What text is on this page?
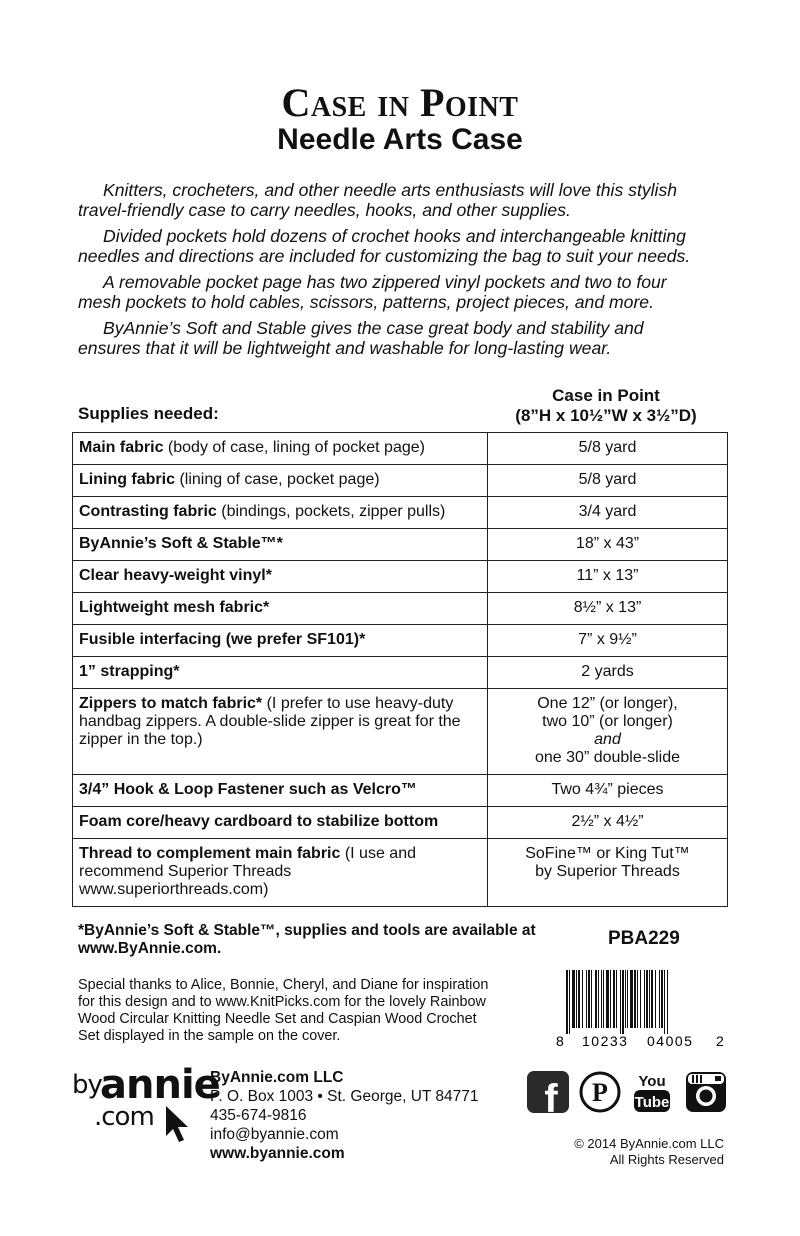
Case in Point
Needle Arts Case

Knitters, crocheters, and other needle arts enthusiasts will love this stylish
travel-friendly case to carry needles, hooks, and other supplies.

Divided pockets hold dozens of crochet hooks and interchangeable knitting
needles and directions are included for customizing the bag to suit your needs.

A removable pocket page has two zippered vinyl pockets and two to four
mesh pockets to hold cables, scissors, patterns, project pieces, and more.

ByAnnie’s Soft and Stable gives the case great body and stability and
ensures that it will be lightweight and washable for long-lasting wear.

Supplies needed:
Case in Point
(8”H x 10½”W x 3½”D)
Main fabric (body of case, lining of pocket page)	5/8 yard

Lining fabric (lining of case, pocket page)	5/8 yard

Contrasting fabric (bindings, pockets, zipper pulls)	3/4 yard

ByAnnie’s Soft & Stable™*	18” x 43”

Clear heavy-weight vinyl*	11” x 13”

Lightweight mesh fabric*	8½” x 13”

Fusible interfacing (we prefer SF101)*	7” x 9½”

1” strapping*	2 yards

Zippers to match fabric* (I prefer to use heavy-duty handbag zippers. A double-slide zipper is great for the zipper in the top.)	One 12” (or longer),
two 10” (or longer)
and
one 30” double-slide

3/4” Hook & Loop Fastener such as Velcro™	Two 4¾” pieces

Foam core/heavy cardboard to stabilize bottom	2½” x 4½”

Thread to complement main fabric (I use and recommend Superior Threads www.superiorthreads.com)	SoFine™ or King Tut™
by Superior Threads
*ByAnnie’s Soft & Stable™, supplies and tools are available at
www.ByAnnie.com.	PBA229
Special thanks to Alice, Bonnie, Cheryl, and Diane for inspiration
for this design and to www.KnitPicks.com for the lovely Rainbow
Wood Circular Knitting Needle Set and Caspian Wood Crochet
Set displayed in the sample on the cover.	8 10233 04005 2
by
annie
.com
ByAnnie.com LLC
P. O. Box 1003 • St. George, UT 84771
435-674-9816
info@byannie.com
www.byannie.com
f P You
Tube
© 2014 ByAnnie.com LLC
All Rights Reserved
